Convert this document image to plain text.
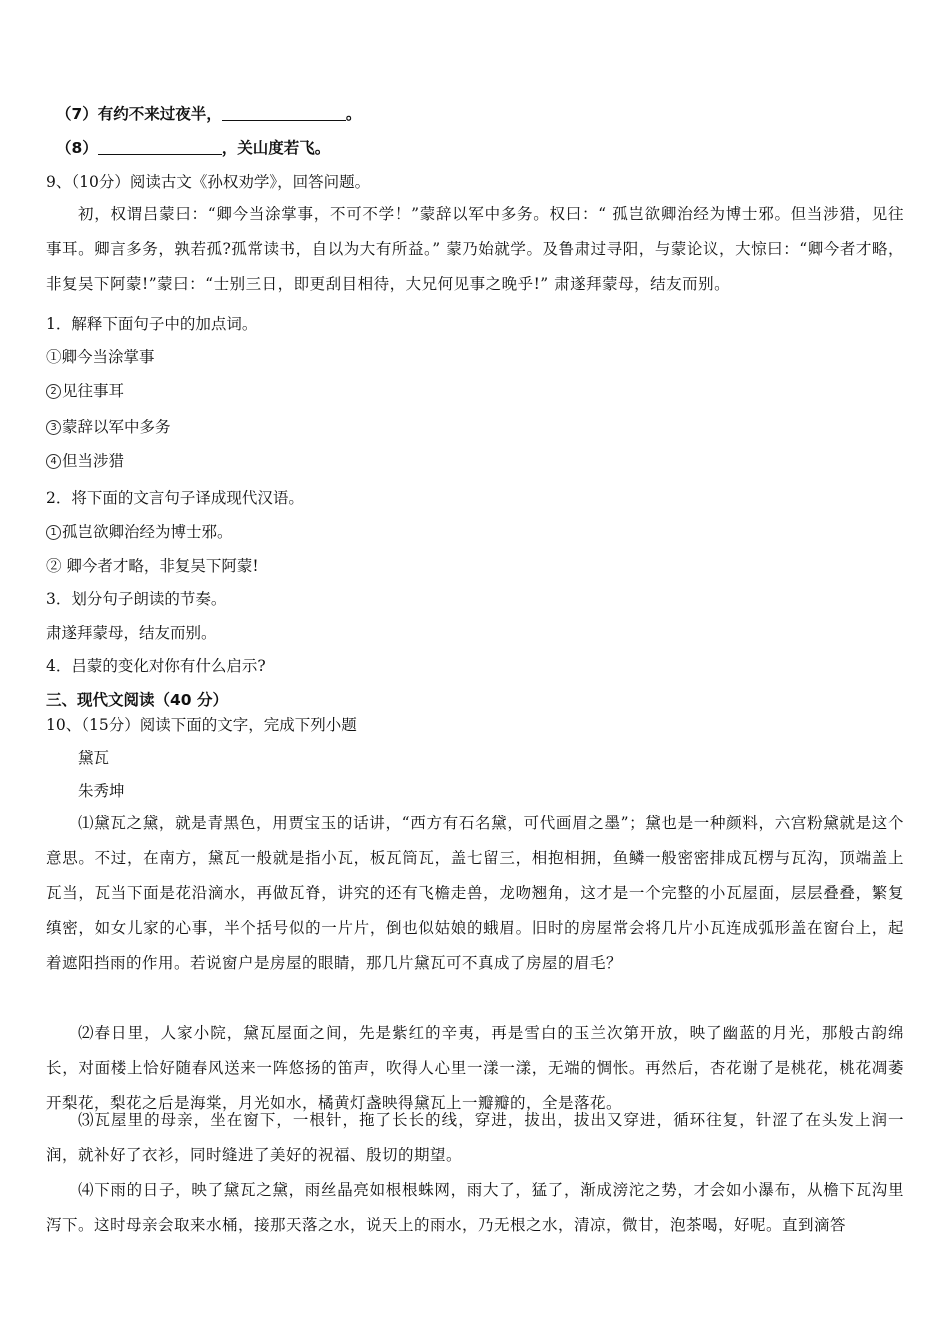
（7）有约不来过夜半，	。
（8）	，关山度若飞。
9、（10分）阅读古文《孙权劝学》，回答问题。
初，权谓吕蒙曰：“卿今当涂掌事，不可不学！”蒙辞以军中多务。权曰：“ 孤岂欲卿治经为博士邪。但当涉猎，见往事耳。卿言多务，孰若孤?孤常读书，自以为大有所益。” 蒙乃始就学。及鲁肃过寻阳，与蒙论议，大惊曰：“卿今者才略，非复吴下阿蒙!”蒙曰：“士别三日，即更刮目相待，大兄何见事之晚乎!” 肃遂拜蒙母，结友而别。
1．解释下面句子中的加点词。
①卿今当涂掌事
2 见往事耳
3 蒙辞以军中多务
4 但当涉猎
2．将下面的文言句子译成现代汉语。
1 孤岂欲卿治经为博士邪。
② 卿今者才略，非复吴下阿蒙!
3．划分句子朗读的节奏。
肃遂拜蒙母，结友而别。
4．吕蒙的变化对你有什么启示?
三、现代文阅读（40 分）
10、（15分）阅读下面的文字，完成下列小题
黛瓦
朱秀坤
⑴黛瓦之黛，就是青黑色，用贾宝玉的话讲，“西方有石名黛，可代画眉之墨”；黛也是一种颜料，六宫粉黛就是这个意思。不过，在南方，黛瓦一般就是指小瓦，板瓦筒瓦，盖七留三，相抱相拥，鱼鳞一般密密排成瓦楞与瓦沟，顶端盖上瓦当，瓦当下面是花沿滴水，再做瓦脊，讲究的还有飞檐走兽，龙吻翘角，这才是一个完整的小瓦屋面，层层叠叠，繁复缜密，如女儿家的心事，半个括号似的一片片，倒也似姑娘的蛾眉。旧时的房屋常会将几片小瓦连成弧形盖在窗台上，起着遮阳挡雨的作用。若说窗户是房屋的眼睛，那几片黛瓦可不真成了房屋的眉毛？
⑵春日里，人家小院，黛瓦屋面之间，先是紫红的辛夷，再是雪白的玉兰次第开放，映了幽蓝的月光，那般古韵绵长，对面楼上恰好随春风送来一阵悠扬的笛声，吹得人心里一漾一漾，无端的惆怅。再然后，杏花谢了是桃花，桃花凋萎开梨花，梨花之后是海棠，月光如水，橘黄灯盏映得黛瓦上一瓣瓣的，全是落花。
⑶瓦屋里的母亲，坐在窗下，一根针，拖了长长的线，穿进，拔出，拔出又穿进，循环往复，针涩了在头发上润一润，就补好了衣衫，同时缝进了美好的祝福、殷切的期望。
⑷下雨的日子，映了黛瓦之黛，雨丝晶亮如根根蛛网，雨大了，猛了，渐成滂沱之势，才会如小瀑布，从檐下瓦沟里泻下。这时母亲会取来水桶，接那天落之水，说天上的雨水，乃无根之水，清凉，微甘，泡茶喝，好呢。直到滴答
